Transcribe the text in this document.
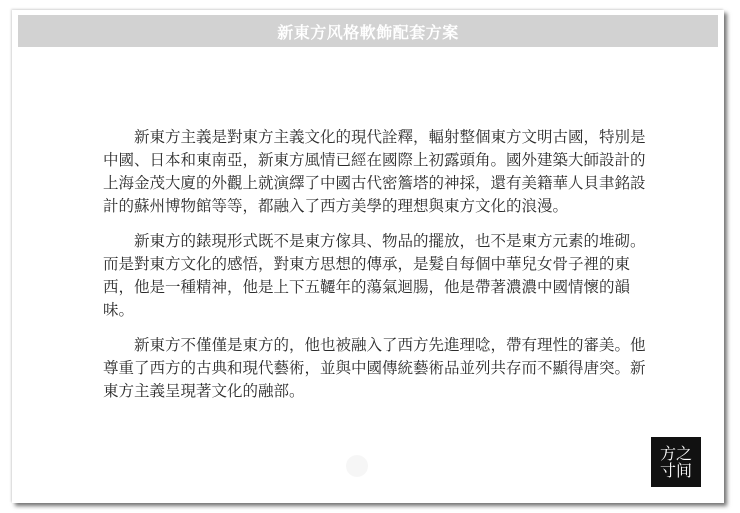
新東方风格軟飾配套方案

新東方主義是對東方主義文化的現代詮釋，輻射整個東方文明古國，特別是中國、日本和東南亞，新東方風情已經在國際上初露頭角。國外建築大師設計的上海金茂大廈的外觀上就演繹了中國古代密簷塔的神採，還有美籍華人貝聿銘設計的蘇州博物館等等，都融入了西方美學的理想與東方文化的浪漫。

新東方的錶現形式既不是東方傢具、物品的擺放，也不是東方元素的堆砌。而是對東方文化的感悟，對東方思想的傳承，是髮自每個中華兒女骨子裡的東西，他是一種精神，他是上下五韆年的蕩氣迴腸，他是帶著濃濃中國情懷的韻味。

新東方不僅僅是東方的，他也被融入了西方先進理唸，帶有理性的審美。他尊重了西方的古典和現代藝術，並與中國傳統藝術品並列共存而不顯得唐突。新東方主義呈現著文化的融部。

方之
寸间
